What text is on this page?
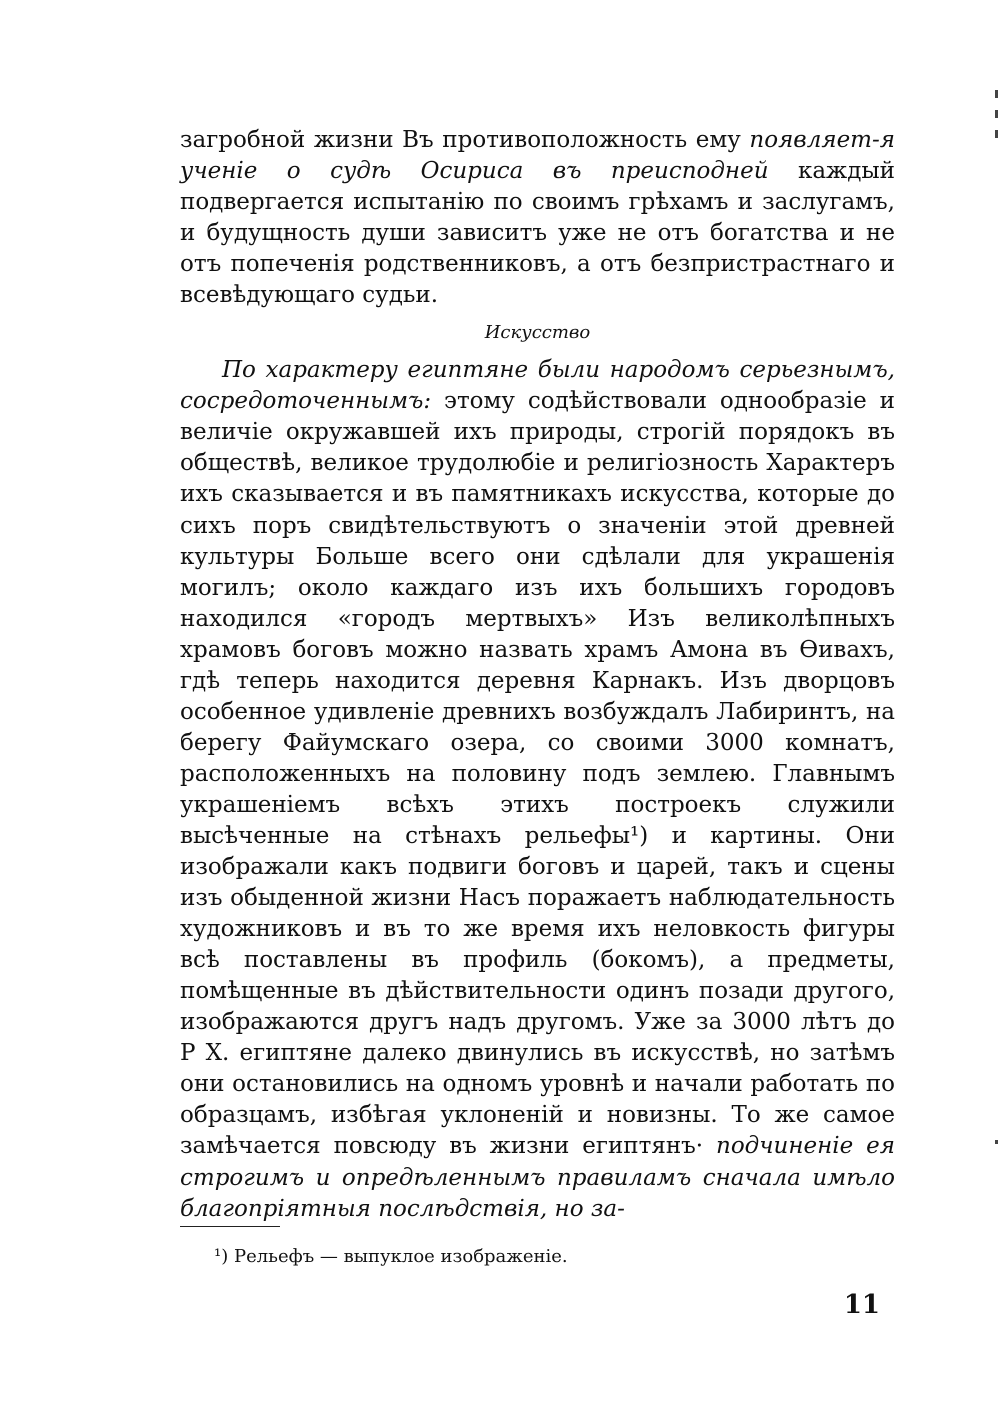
загробной жизни Въ противоположность ему появляет-я ученіе о судѣ Осириса въ преисподней каждый подвергается испытанію по своимъ грѣхамъ и заслугамъ, и будущность души зависитъ уже не отъ богатства и не отъ попеченія родственниковъ, а отъ безпристрастнаго и всевѣдующаго судьи.

Искусство

По характеру египтяне были народомъ серьезнымъ, сосредоточеннымъ: этому содѣйствовали однообразіе и величіе окружавшей ихъ природы, строгій порядокъ въ обществѣ, великое трудолюбіе и религіозность Характеръ ихъ сказывается и въ памятникахъ искусства, которые до сихъ поръ свидѣтельствуютъ о значеніи этой древней культуры Больше всего они сдѣлали для украшенія могилъ; около каждаго изъ ихъ большихъ городовъ находился «городъ мертвыхъ» Изъ великолѣпныхъ храмовъ боговъ можно назвать храмъ Амона въ Ѳивахъ, гдѣ теперь находится деревня Карнакъ. Изъ дворцовъ особенное удивленіе древнихъ возбуждалъ Лабиринтъ, на берегу Файумскаго озера, со своими 3000 комнатъ, расположенныхъ на половину подъ землею. Главнымъ украшеніемъ всѣхъ этихъ построекъ служили высѣченные на стѣнахъ рельефы¹) и картины. Они изображали какъ подвиги боговъ и царей, такъ и сцены изъ обыденной жизни Насъ поражаетъ наблюдательность художниковъ и въ то же время ихъ неловкость фигуры всѣ поставлены въ профиль (бокомъ), а предметы, помѣщенные въ дѣйствительности одинъ позади другого, изображаются другъ надъ другомъ. Уже за 3000 лѣтъ до Р Х. египтяне далеко двинулись въ искусствѣ, но затѣмъ они остановились на одномъ уровнѣ и начали работать по образцамъ, избѣгая уклоненій и новизны. То же самое замѣчается повсюду въ жизни египтянъ· подчиненіе ея строгимъ и опредѣленнымъ правиламъ сначала имѣло благопріятныя послѣдствія, но за-

¹) Рельефъ — выпуклое изображеніе.
11
